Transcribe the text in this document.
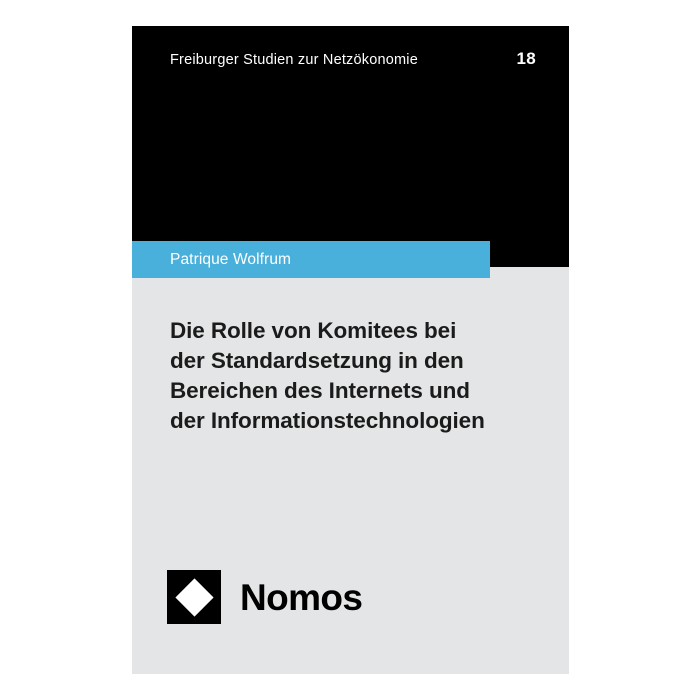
Freiburger Studien zur Netzökonomie	18
Patrique Wolfrum
Die Rolle von Komitees bei
der Standardsetzung in den
Bereichen des Internets und
der Informationstechnologien
Nomos
